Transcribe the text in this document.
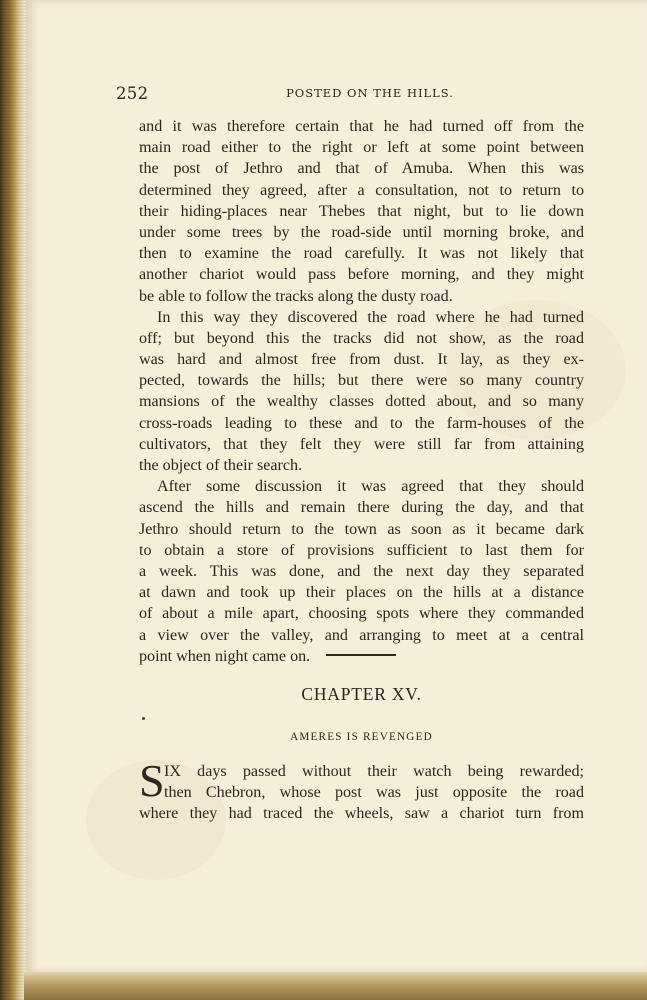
252	POSTED ON THE HILLS.
and it was therefore certain that he had turned off from the
main road either to the right or left at some point between
the post of Jethro and that of Amuba. When this was
determined they agreed, after a consultation, not to return to
their hiding-places near Thebes that night, but to lie down
under some trees by the road-side until morning broke, and
then to examine the road carefully. It was not likely that
another chariot would pass before morning, and they might
be able to follow the tracks along the dusty road.
In this way they discovered the road where he had turned
off; but beyond this the tracks did not show, as the road
was hard and almost free from dust. It lay, as they ex-
pected, towards the hills; but there were so many country
mansions of the wealthy classes dotted about, and so many
cross-roads leading to these and to the farm-houses of the
cultivators, that they felt they were still far from attaining
the object of their search.
After some discussion it was agreed that they should
ascend the hills and remain there during the day, and that
Jethro should return to the town as soon as it became dark
to obtain a store of provisions sufficient to last them for
a week. This was done, and the next day they separated
at dawn and took up their places on the hills at a distance
of about a mile apart, choosing spots where they commanded
a view over the valley, and arranging to meet at a central
point when night came on.
CHAPTER XV.
AMERES IS REVENGED
S IX days passed without their watch being rewarded;
then Chebron, whose post was just opposite the road
where they had traced the wheels, saw a chariot turn from
